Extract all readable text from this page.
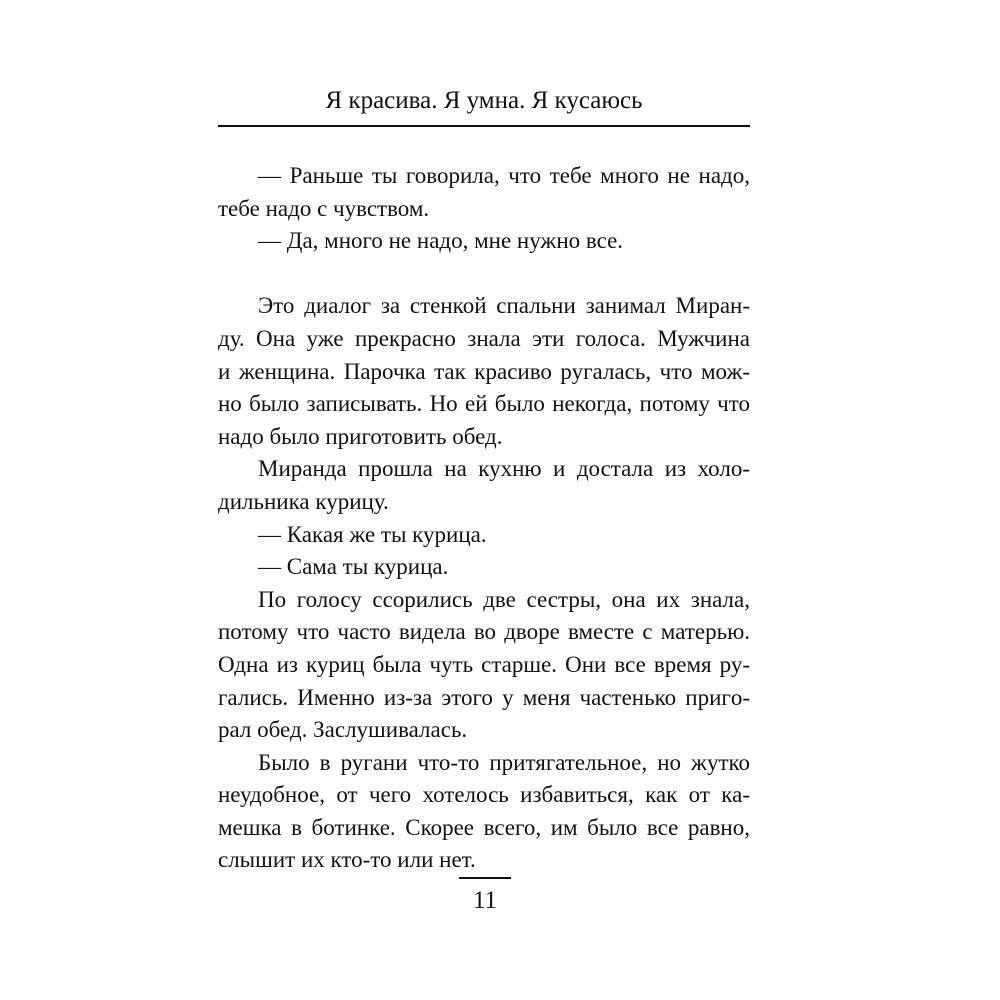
Я красива. Я умна. Я кусаюсь
— Раньше ты говорила, что тебе много не надо,
тебе надо с чувством.
— Да, много не надо, мне нужно все.
Это диалог за стенкой спальни занимал Миран-
ду. Она уже прекрасно знала эти голоса. Мужчина
и женщина. Парочка так красиво ругалась, что мож-
но было записывать. Но ей было некогда, потому что
надо было приготовить обед.
Миранда прошла на кухню и достала из холо-
дильника курицу.
— Какая же ты курица.
— Сама ты курица.
По голосу ссорились две сестры, она их знала,
потому что часто видела во дворе вместе с матерью.
Одна из куриц была чуть старше. Они все время ру-
гались. Именно из-за этого у меня частенько пригo-
рал обед. Заслушивалась.
Было в ругани что-то притягательное, но жутко
неудобное, от чего хотелось избавиться, как от ка-
мешка в ботинке. Скорее всего, им было все равно,
слышит их кто-то или нет.
11
